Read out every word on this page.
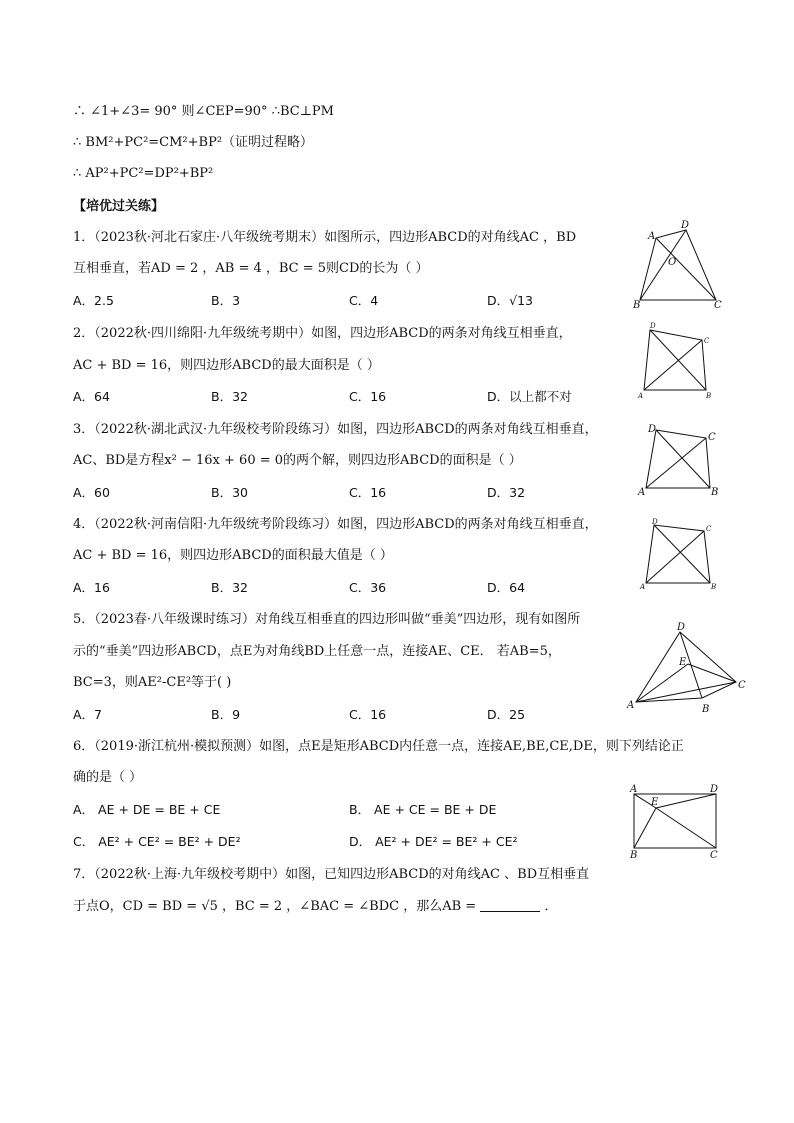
∴ ∠1+∠3= 90° 则∠CEP=90° ∴BC⊥PM
∴ BM²+PC²=CM²+BP²（证明过程略）
∴ AP²+PC²=DP²+BP²
【培优过关练】
1．（2023秋·河北石家庄·八年级统考期末）如图所示，四边形ABCD的对角线AC ，BD
互相垂直，若AD = 2 ，AB = 4 ，BC = 5则CD的长为（ ）
A．2.5	B．3	C．4	D．√13
D
A
O
B	C
2．（2022秋·四川绵阳·九年级统考期中）如图，四边形ABCD的两条对角线互相垂直，
AC + BD = 16，则四边形ABCD的最大面积是（ ）
A．64	B．32	C．16	D．以上都不对
D
C
A	B
3．（2022秋·湖北武汉·九年级校考阶段练习）如图，四边形ABCD的两条对角线互相垂直，
AC、BD是方程x² − 16x + 60 = 0的两个解，则四边形ABCD的面积是（ ）
A．60	B．30	C．16	D．32
D
C
A	B
4．（2022秋·河南信阳·九年级统考阶段练习）如图，四边形ABCD的两条对角线互相垂直，
AC + BD = 16，则四边形ABCD的面积最大值是（ ）
A．16	B．32	C．36	D．64
D
C
A	B
5．（2023春·八年级课时练习）对角线互相垂直的四边形叫做“垂美”四边形，现有如图所
示的“垂美”四边形ABCD，点E为对角线BD上任意一点，连接AE、CE． 若AB=5，
BC=3，则AE²-CE²等于( )
A．7	B．9	C．16	D．25
D
E
C
A	B
6．（2019·浙江杭州·模拟预测）如图，点E是矩形ABCD内任意一点，连接AE,BE,CE,DE，则下列结论正
确的是（ ）
A． AE + DE = BE + CE	B． AE + CE = BE + DE
C． AE² + CE² = BE² + DE²	D． AE² + DE² = BE² + CE²
A	D
E
B	C
7．（2022秋·上海·九年级校考期中）如图，已知四边形ABCD的对角线AC 、BD互相垂直
于点O，CD = BD = √5 ，BC = 2 ，∠BAC = ∠BDC ，那么AB =	．
